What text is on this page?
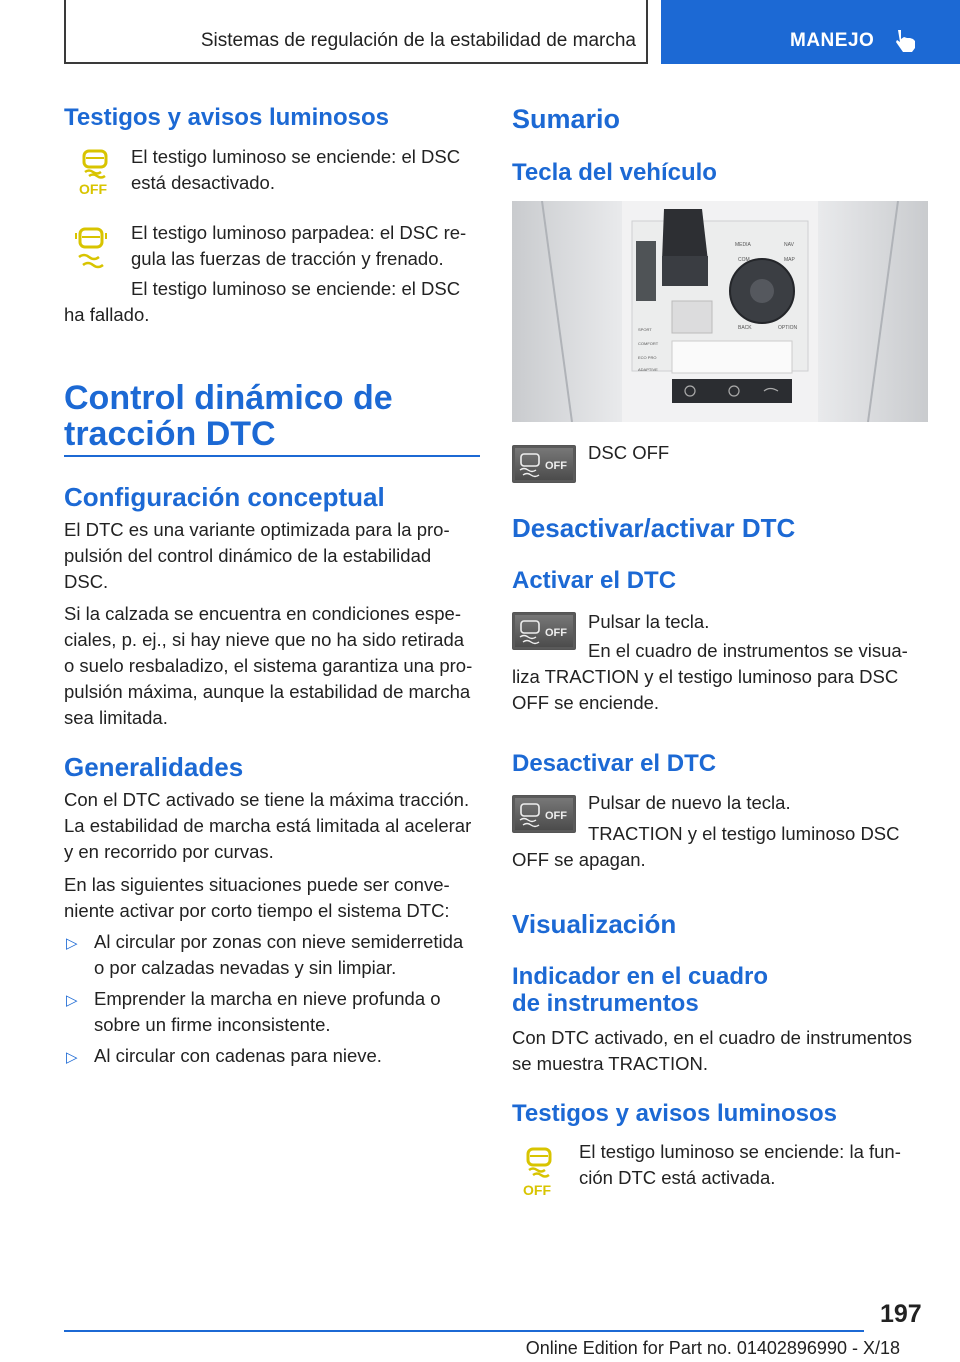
Sistemas de regulación de la estabilidad de marcha	MANEJO
Testigos y avisos luminosos
OFF
El testigo luminoso se enciende: el DSC
está desactivado.
El testigo luminoso parpadea: el DSC re-
gula las fuerzas de tracción y frenado.
El testigo luminoso se enciende: el DSC
ha fallado.
Control dinámico de
tracción DTC
Configuración conceptual
El DTC es una variante optimizada para la pro-
pulsión del control dinámico de la estabilidad
DSC.
Si la calzada se encuentra en condiciones espe-
ciales, p. ej., si hay nieve que no ha sido retirada
o suelo resbaladizo, el sistema garantiza una pro-
pulsión máxima, aunque la estabilidad de marcha
sea limitada.
Generalidades
Con el DTC activado se tiene la máxima tracción.
La estabilidad de marcha está limitada al acelerar
y en recorrido por curvas.
En las siguientes situaciones puede ser conve-
niente activar por corto tiempo el sistema DTC:
▷ Al circular por zonas con nieve semiderretida
o por calzadas nevadas y sin limpiar.
▷ Emprender la marcha en nieve profunda o
sobre un firme inconsistente.
▷ Al circular con cadenas para nieve.
Sumario
Tecla del vehículo
MEDIA
COM
NAV
MAP
BACK	OPTION
SPORT
COMFORT
ECO PRO
ADAPTIVE
OFF
DSC OFF
Desactivar/activar DTC
Activar el DTC
OFF
Pulsar la tecla.
En el cuadro de instrumentos se visua-
liza TRACTION y el testigo luminoso para DSC
OFF se enciende.
Desactivar el DTC
OFF
Pulsar de nuevo la tecla.
TRACTION y el testigo luminoso DSC
OFF se apagan.
Visualización
Indicador en el cuadro
de instrumentos
Con DTC activado, en el cuadro de instrumentos
se muestra TRACTION.
Testigos y avisos luminosos
OFF
El testigo luminoso se enciende: la fun-
ción DTC está activada.
197
Online Edition for Part no. 01402896990 - X/18
